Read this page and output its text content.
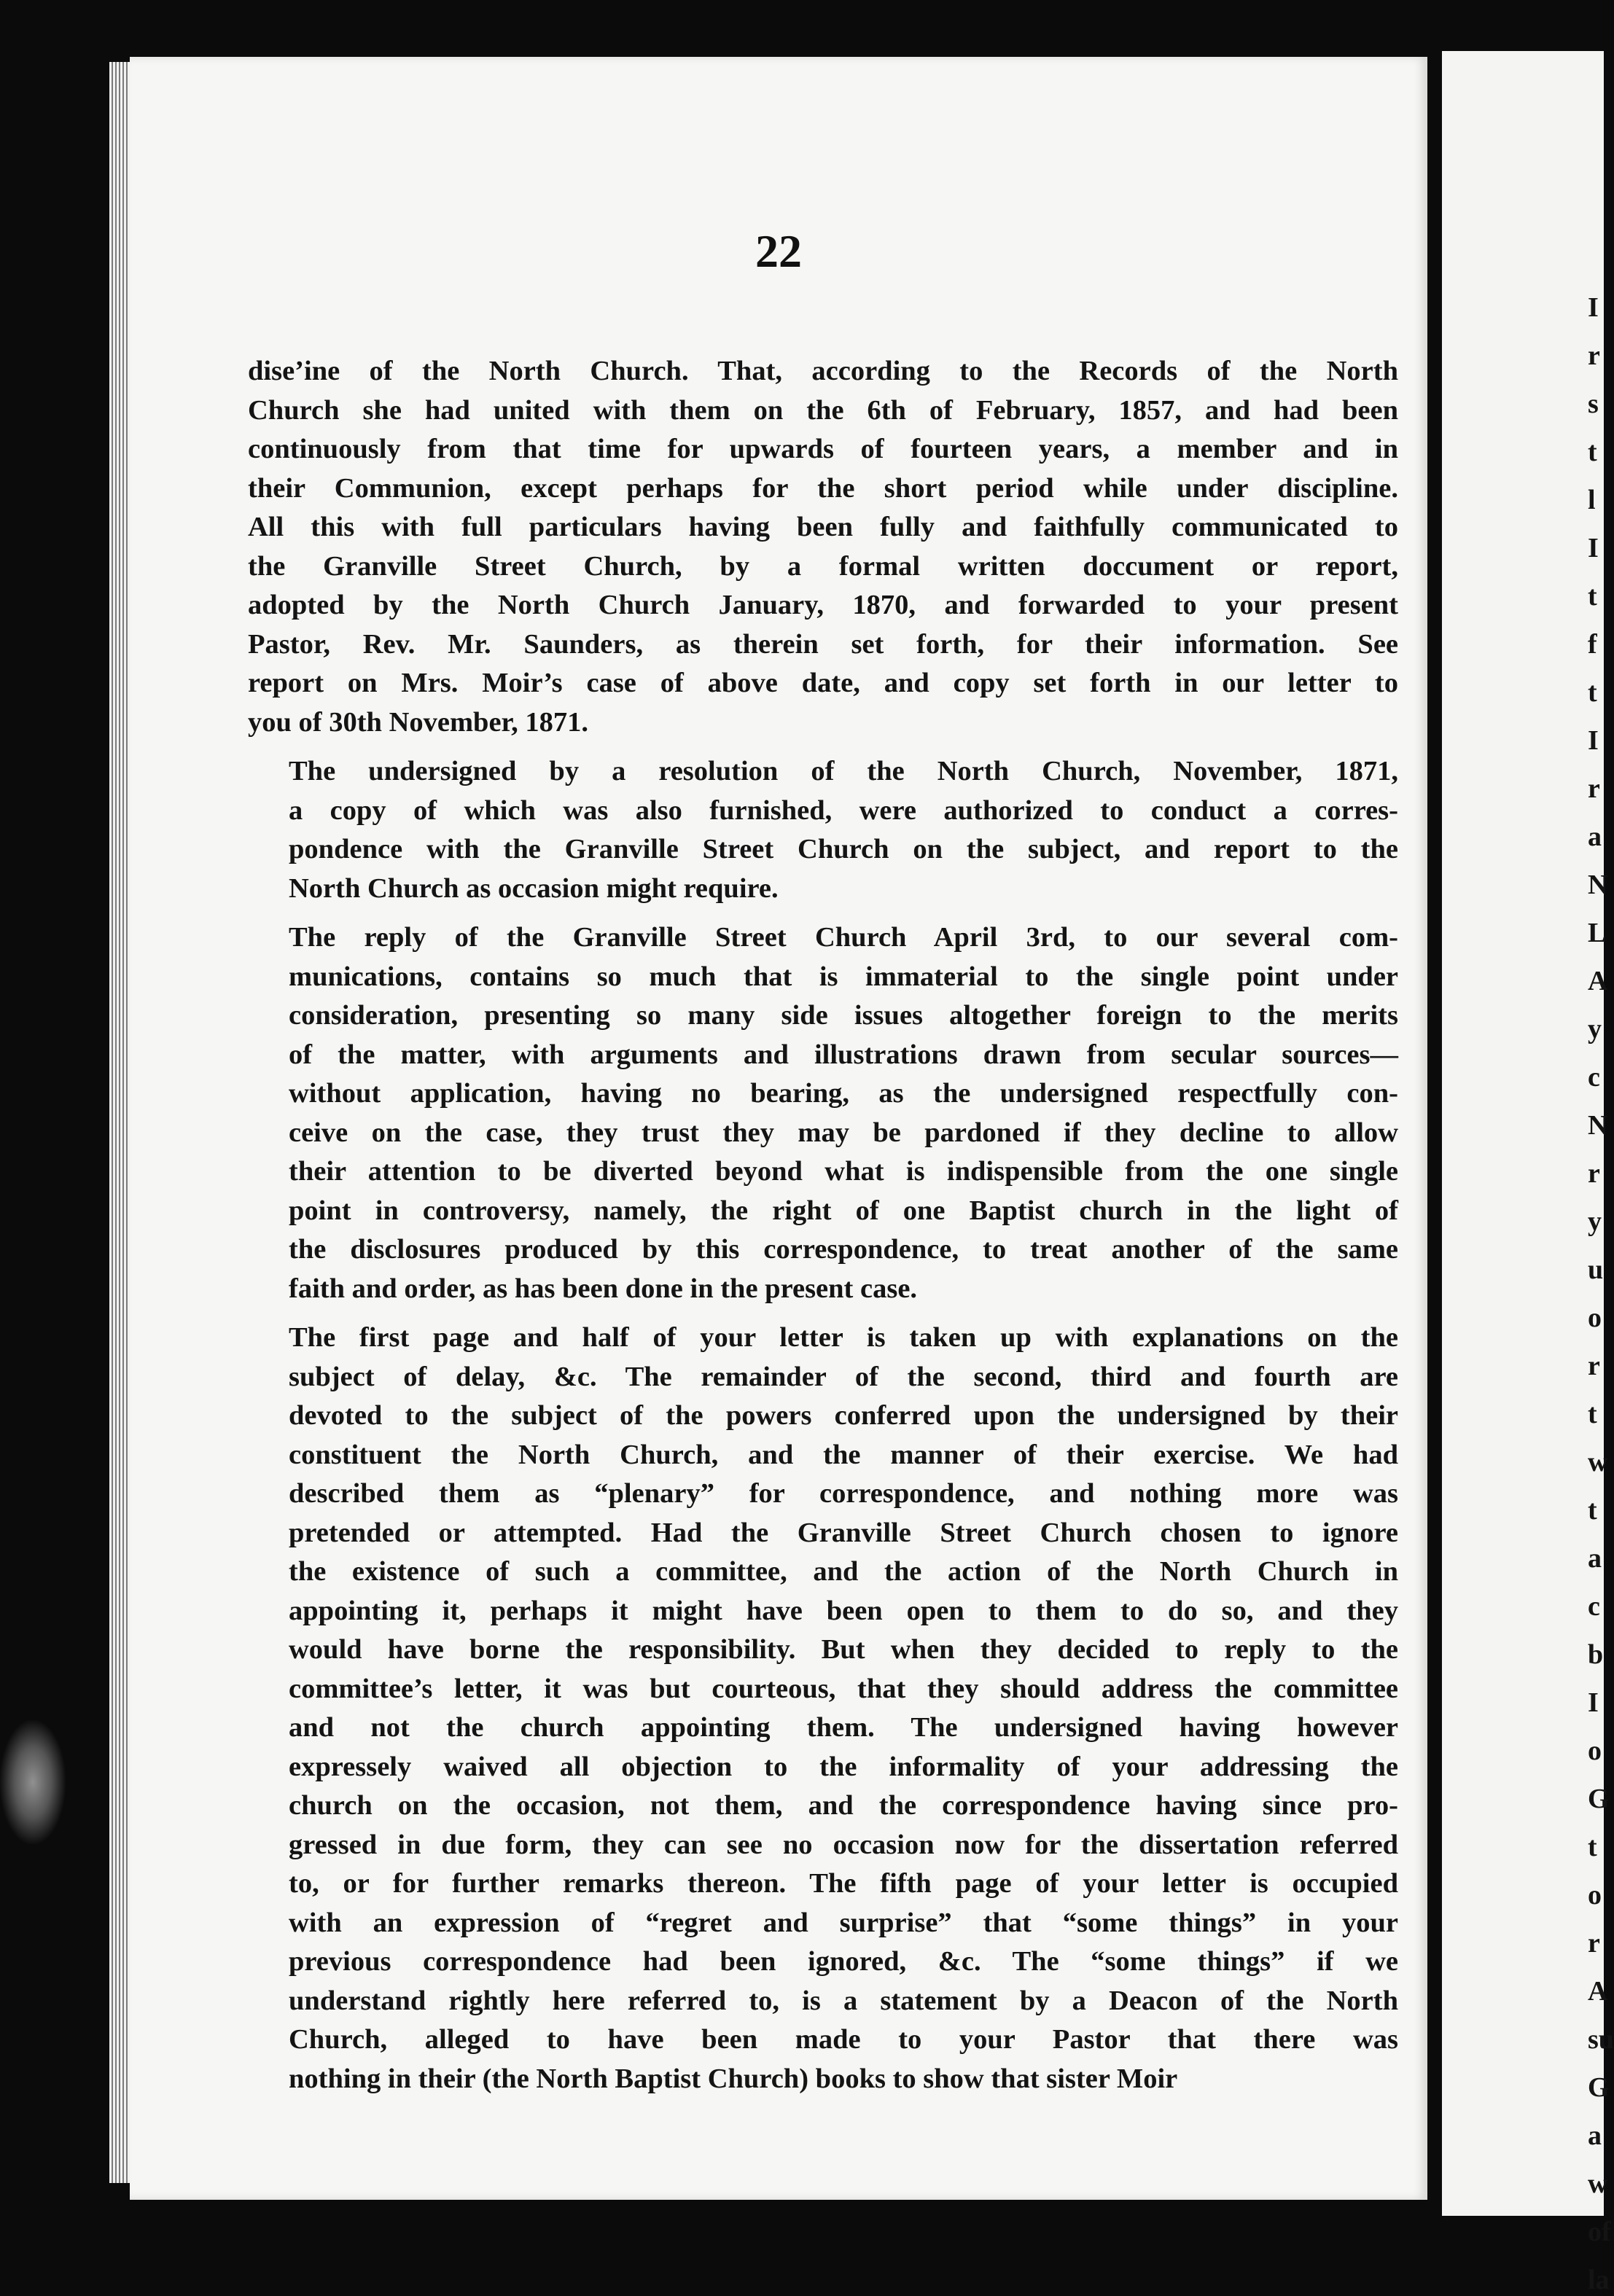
22

dise’ine of the North Church. That, according to the Records of the North
Church she had united with them on the 6th of February, 1857, and had been
continuously from that time for upwards of fourteen years, a member and in
their Communion, except perhaps for the short period while under discipline.
All this with full particulars having been fully and faithfully communicated to
the Granville Street Church, by a formal written doccument or report,
adopted by the North Church January, 1870, and forwarded to your present
Pastor, Rev. Mr. Saunders, as therein set forth, for their information. See
report on Mrs. Moir’s case of above date, and copy set forth in our letter to
you of 30th November, 1871.

The undersigned by a resolution of the North Church, November, 1871,
a copy of which was also furnished, were authorized to conduct a corres-
pondence with the Granville Street Church on the subject, and report to the
North Church as occasion might require.

The reply of the Granville Street Church April 3rd, to our several com-
munications, contains so much that is immaterial to the single point under
consideration, presenting so many side issues altogether foreign to the merits
of the matter, with arguments and illustrations drawn from secular sources—
without application, having no bearing, as the undersigned respectfully con-
ceive on the case, they trust they may be pardoned if they decline to allow
their attention to be diverted beyond what is indispensible from the one single
point in controversy, namely, the right of one Baptist church in the light of
the disclosures produced by this correspondence, to treat another of the same
faith and order, as has been done in the present case.

The first page and half of your letter is taken up with explanations on the
subject of delay, &c. The remainder of the second, third and fourth are
devoted to the subject of the powers conferred upon the undersigned by their
constituent the North Church, and the manner of their exercise. We had
described them as “plenary” for correspondence, and nothing more was
pretended or attempted. Had the Granville Street Church chosen to ignore
the existence of such a committee, and the action of the North Church in
appointing it, perhaps it might have been open to them to do so, and they
would have borne the responsibility. But when they decided to reply to the
committee’s letter, it was but courteous, that they should address the committee
and not the church appointing them. The undersigned having however
expressely waived all objection to the informality of your addressing the
church on the occasion, not them, and the correspondence having since pro-
gressed in due form, they can see no occasion now for the dissertation referred
to, or for further remarks thereon. The fifth page of your letter is occupied
with an expression of “regret and surprise” that “some things” in your
previous correspondence had been ignored, &c. The “some things” if we
understand rightly here referred to, is a statement by a Deacon of the North
Church, alleged to have been made to your Pastor that there was
nothing in their (the North Baptist Church) books to show that sister Moir

I
r
s
t
l
I
t
f
t
I
r
a
N
L
A
y
c
N
r
y
u
o
r
t
w
t
a
c
b
I
o
G
t
o
r
A
su
G
a
w
of
la
